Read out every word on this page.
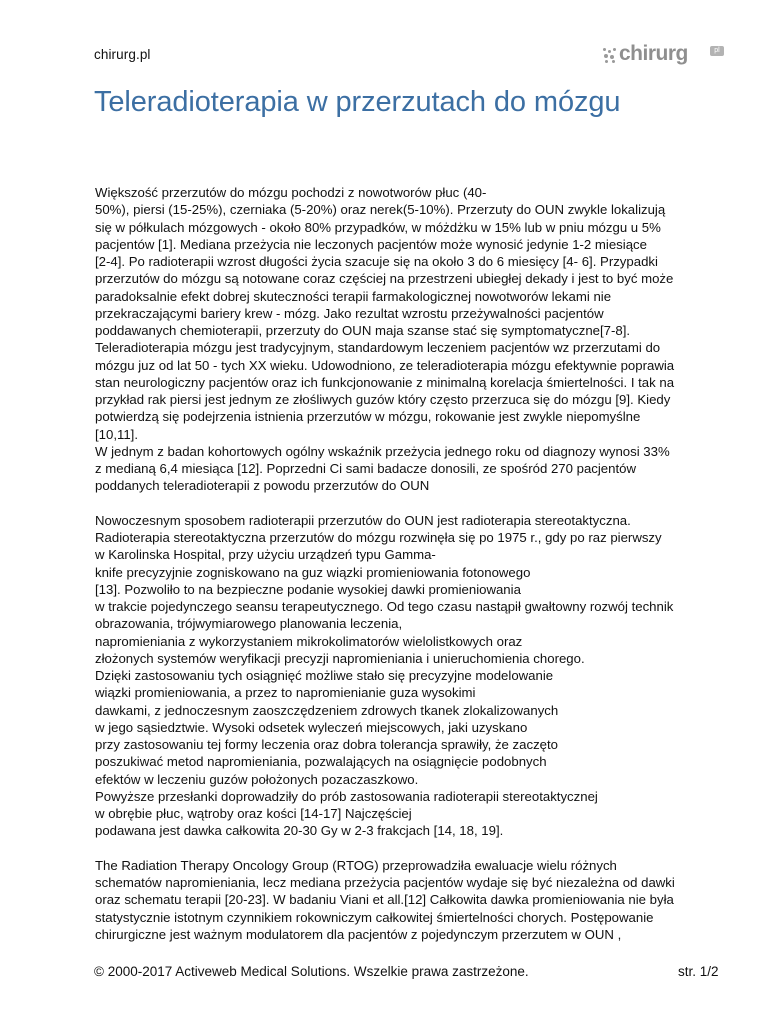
chirurg.pl	chirurg	pl
Teleradioterapia w przerzutach do mózgu
Większość przerzutów do mózgu pochodzi z nowotworów płuc (40-
50%), piersi (15-25%), czerniaka (5-20%) oraz nerek(5-10%). Przerzuty do OUN zwykle lokalizują
się w półkulach mózgowych - około 80% przypadków, w móżdżku w 15% lub w pniu mózgu u 5%
pacjentów [1]. Mediana przeżycia nie leczonych pacjentów może wynosić jedynie 1-2 miesiące
[2-4]. Po radioterapii wzrost długości życia szacuje się na około 3 do 6 miesięcy [4- 6]. Przypadki
przerzutów do mózgu są notowane coraz częściej na przestrzeni ubiegłej dekady i jest to być może
paradoksalnie efekt dobrej skuteczności terapii farmakologicznej nowotworów lekami nie
przekraczającymi bariery krew - mózg. Jako rezultat wzrostu przeżywalności pacjentów
poddawanych chemioterapii, przerzuty do OUN maja szanse stać się symptomatyczne[7-8].
Teleradioterapia mózgu jest tradycyjnym, standardowym leczeniem pacjentów wz przerzutami do
mózgu juz od lat 50 - tych XX wieku. Udowodniono, ze teleradioterapia mózgu efektywnie poprawia
stan neurologiczny pacjentów oraz ich funkcjonowanie z minimalną korelacja śmiertelności. I tak na
przykład rak piersi jest jednym ze złośliwych guzów który często przerzuca się do mózgu [9]. Kiedy
potwierdzą się podejrzenia istnienia przerzutów w mózgu, rokowanie jest zwykle niepomyślne
[10,11].
W jednym z badan kohortowych ogólny wskaźnik przeżycia jednego roku od diagnozy wynosi 33%
z medianą 6,4 miesiąca [12]. Poprzedni Ci sami badacze donosili, ze spośród 270 pacjentów
poddanych teleradioterapii z powodu przerzutów do OUN
Nowoczesnym sposobem radioterapii przerzutów do OUN jest radioterapia stereotaktyczna.
Radioterapia stereotaktyczna przerzutów do mózgu rozwinęła się po 1975 r., gdy po raz pierwszy
w Karolinska Hospital, przy użyciu urządzeń typu Gamma-
knife precyzyjnie zogniskowano na guz wiązki promieniowania fotonowego
[13]. Pozwoliło to na bezpieczne podanie wysokiej dawki promieniowania
w trakcie pojedynczego seansu terapeutycznego. Od tego czasu nastąpił gwałtowny rozwój technik
obrazowania, trójwymiarowego planowania leczenia,
napromieniania z wykorzystaniem mikrokolimatorów wielolistkowych oraz
złożonych systemów weryfikacji precyzji napromieniania i unieruchomienia chorego.
Dzięki zastosowaniu tych osiągnięć możliwe stało się precyzyjne modelowanie
wiązki promieniowania, a przez to napromienianie guza wysokimi
dawkami, z jednoczesnym zaoszczędzeniem zdrowych tkanek zlokalizowanych
w jego sąsiedztwie. Wysoki odsetek wyleczeń miejscowych, jaki uzyskano
przy zastosowaniu tej formy leczenia oraz dobra tolerancja sprawiły, że zaczęto
poszukiwać metod napromieniania, pozwalających na osiągnięcie podobnych
efektów w leczeniu guzów położonych pozaczaszkowo.
Powyższe przesłanki doprowadziły do prób zastosowania radioterapii stereotaktycznej
w obrębie płuc, wątroby oraz kości [14-17] Najczęściej
podawana jest dawka całkowita 20-30 Gy w 2-3 frakcjach [14, 18, 19].
The Radiation Therapy Oncology Group (RTOG) przeprowadziła ewaluacje wielu różnych
schematów napromieniania, lecz mediana przeżycia pacjentów wydaje się być niezależna od dawki
oraz schematu terapii [20-23]. W badaniu Viani et all.[12] Całkowita dawka promieniowania nie była
statystycznie istotnym czynnikiem rokowniczym całkowitej śmiertelności chorych. Postępowanie
chirurgiczne jest ważnym modulatorem dla pacjentów z pojedynczym przerzutem w OUN ,
© 2000-2017 Activeweb Medical Solutions. Wszelkie prawa zastrzeżone.	str. 1/2
